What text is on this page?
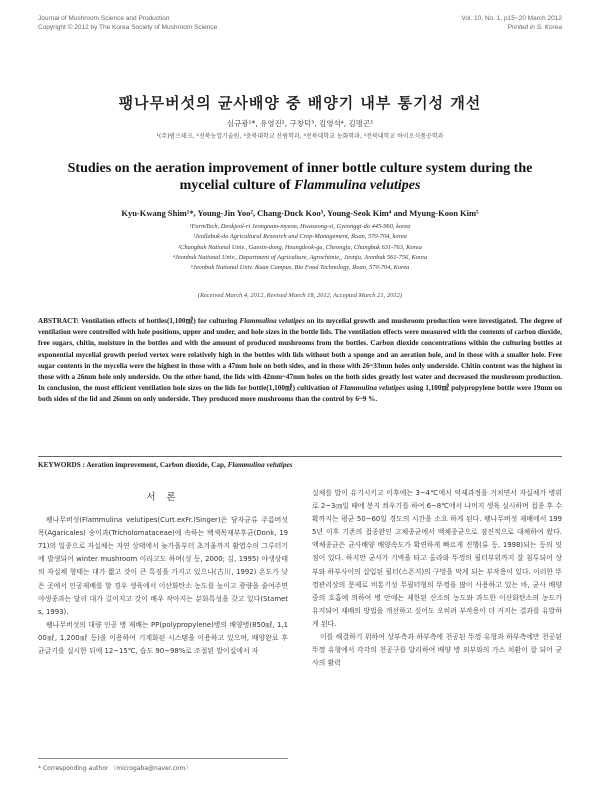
Journal of Mushroom Science and Production
Copyright © 2012 by The Korea Society of Mushroom Science
Vol. 10, No. 1, p15~20 March 2012
Printed in S. Korea
팽나무버섯의 균사배양 중 배양기 내부 통기성 개선
심규광¹*, 유영진², 구창덕³, 김영석⁴, 김명곤⁵
¹(주)팜으테크, ²전북농업기술원, ³충북대학교 산림학과, ⁴전북대학교 농화학과, ⁵전북대학교 바이오식품공학과
Studies on the aeration improvement of inner bottle culture system during the
mycelial culture of Flammulina velutipes
Kyu-Kwang Shim¹*, Young-Jin Yoo², Chang-Duck Koo³, Young-Seok Kim⁴ and Myung-Koon Kim⁵
¹FarmTech, Deokjeol-ri Jeongnam-myeon, Hwaseong-si, Gyeonggi-do 445-960, korea
²Jeollabuk-do Agricultural Research and Crop-Management, Iksan, 570-704, korea
³Chungbuk National Univ., Gaesin-dong, Heungdeok-gu, Cheongju, Chungbuk 631-763, Korea
⁴Jeonbuk National Univ., Department of Agriculture, Agrochimie,, Jeonju, Jeonbuk 561-756, Korea
⁵Jeonbuk National Univ. Iksan Campus, Bio Food Technology, Iksan, 570-704, Korea
(Received March 4, 2012, Revised March 18, 2012, Accepted March 21, 2012)
ABSTRACT: Ventilation effects of bottles(1,100㎖) for culturing Flammulina velutipes on its mycelial growth and mushroom production were investigated. The degree of ventilation were controlled with hole positions, upper and under, and hole sizes in the bottle lids. The ventilation effects were measured with the contents of carbon dioxide, free sugars, chitin, moisture in the bottles and with the amount of produced mushrooms from the bottles. Carbon dioxide concentrations within the culturing bottles at exponential mycelial growth period vertex were relatively high in the bottles with lids without both a sponge and an aeration hole, and in those with a smaller hole. Free sugar contents in the mycelia were the highest in those with a 47mm hole on both sides, and in those with 26~33mm holes only underside. Chitin content was the highest in those with a 26mm hole only underside. On the other hand, the lids with 42mm~47mm holes on the both sides greatly lost water and decreased the mushroom production. In conclusion, the most efficient ventilation hole sizes on the lids for bottle(1,100㎖) cultivation of Flammulina velutipes using 1,100㎖ polypropylene bottle were 19mm on both sides of the lid and 26mm on only underside. They produced more mushrooms than the control by 6~9 %.
KEYWORDS : Aeration improvement, Carbon dioxide, Cap, Flammulina velutipes
서 론

팽나무버섯(Flammulina velutipes(Curt.exFr.)Singer)은 담자균류 주름버섯목(Agaricales) 송이과(Tricholomataceae)에 속하는 백색목재부후균(Donk, 1971)의 일종으로 자실체는 자연 상태에서 늦가을부터 초겨울까지 활엽수의 그루터기에 발생되어 winter mushroom 이라고도 하며(성 등, 2000; 김, 1995) 야생상태의 자실체 형태는 대가 짧고 갓이 큰 특징을 가지고 있으나(古川, 1992) 온도가 낮은 곳에서 인공재배를 할 경우 생육에서 이산화탄소 농도를 높이고 광량을 줄여주면 야생종과는 달리 대가 길어지고 갓이 배우 작아지는 분화특성을 갖고 있다(Stamets, 1993).

팽나무버섯의 대량 인공 병 재배는 PP(polypropylene)병의 배양병(850㎖, 1,100㎖, 1,200㎖ 등)을 이용하여 기계화된 시스템을 이용하고 있으며, 배양완료 후 균긁기를 실시한 뒤에 12~15℃, 습도 90~98%로 조절된 발이실에서 자

실체를 발이 유기시키고 이후에는 3~4℃에서 억제과정을 거치면서 자실체가 병위로 2~3㎝일 때에 봉지 씌우기를 하여 6~8℃에서 나머지 생육 실시하며 접종 후 수확까지는 평균 50~60일 경도의 시간을 소요 하게 된다. 팽나무버섯 재배에서 1995년 이후 기존의 접종완인 고체종균에서 액체종균으로 점진적으로 대체하여 왔다. 액체종균은 균사배양 배양속도가 확연하게 빠르게 진행(류 등, 1998)되는 등의 잇점이 있다. 하지만 균사가 기벽을 타고 올라와 뚜껑의 필터부위까지 잘 침투되어 상부와 하부사이의 삽입된 필터(스폰지)의 구멍을 막게 되는 부작용이 있다. 이러한 뚜껑관리상의 문제로 비통기성 무필터형의 뚜껑을 많이 사용하고 있는 바, 균사 배양 중의 호흡에 의하여 병 안에는 제한된 산소의 농도와 과도한 이산화탄소의 농도가 유지되어 재배의 방법을 개선하고 싶어도 오히려 부작용이 더 커지는 결과를 유발하게 된다.

이를 해결하기 위하여 상부측과 하부측에 천공된 뚜껑 유형과 하부측에만 천공된 뚜껑 유형에서 각각의 천공구를 달리하여 배양 병 외부와의 가스 치환이 잘 되어 균사의 활력

* Corresponding author 〈microgaba@naver.com〉
